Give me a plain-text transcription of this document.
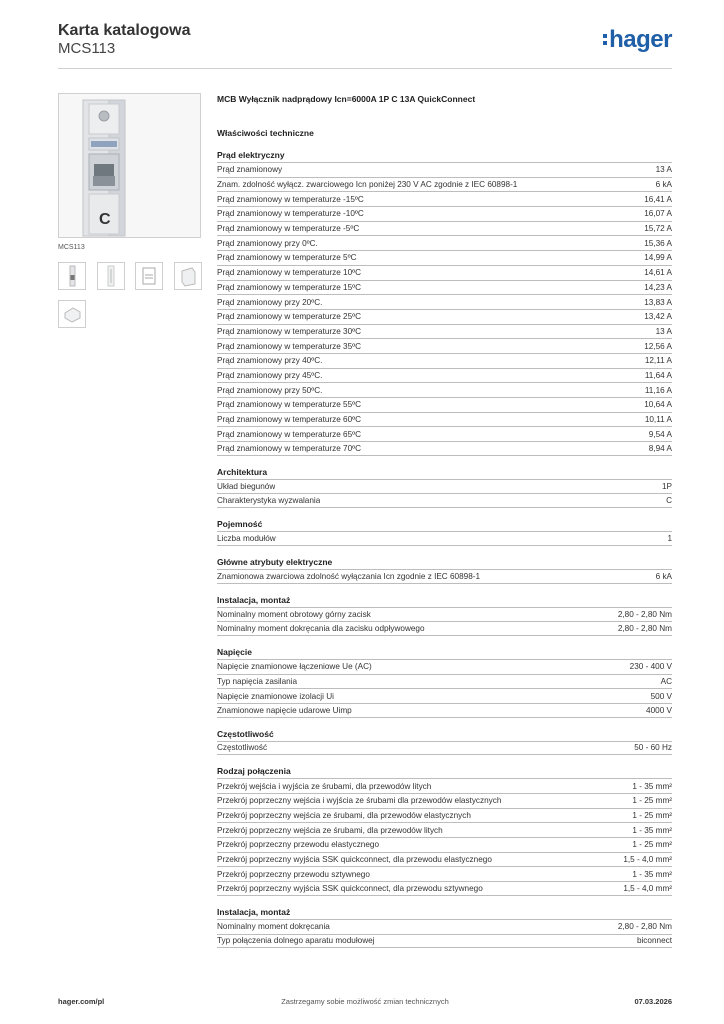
Karta katalogowa
MCS113	hager
C
MCS113
MCB Wyłącznik nadprądowy Icn=6000A 1P C 13A QuickConnect
Właściwości techniczne
Prąd elektryczny
Prąd znamionowy	13 A
Znam. zdolność wyłącz. zwarciowego Icn poniżej 230 V AC zgodnie z IEC 60898-1	6 kA
Prąd znamionowy w temperaturze -15ºC	16,41 A
Prąd znamionowy w temperaturze -10ºC	16,07 A
Prąd znamionowy w temperaturze -5ºC	15,72 A
Prąd znamionowy przy 0ºC.	15,36 A
Prąd znamionowy w temperaturze 5ºC	14,99 A
Prąd znamionowy w temperaturze 10ºC	14,61 A
Prąd znamionowy w temperaturze 15ºC	14,23 A
Prąd znamionowy przy 20ºC.	13,83 A
Prąd znamionowy w temperaturze 25ºC	13,42 A
Prąd znamionowy w temperaturze 30ºC	13 A
Prąd znamionowy w temperaturze 35ºC	12,56 A
Prąd znamionowy przy 40ºC.	12,11 A
Prąd znamionowy przy 45ºC.	11,64 A
Prąd znamionowy przy 50ºC.	11,16 A
Prąd znamionowy w temperaturze 55ºC	10,64 A
Prąd znamionowy w temperaturze 60ºC	10,11 A
Prąd znamionowy w temperaturze 65ºC	9,54 A
Prąd znamionowy w temperaturze 70ºC	8,94 A
Architektura
Układ biegunów	1P
Charakterystyka wyzwalania	C
Pojemność
Liczba modułów	1
Główne atrybuty elektryczne
Znamionowa zwarciowa zdolność wyłączania Icn zgodnie z IEC 60898-1	6 kA
Instalacja, montaż
Nominalny moment obrotowy górny zacisk	2,80 - 2,80 Nm
Nominalny moment dokręcania dla zacisku odpływowego	2,80 - 2,80 Nm
Napięcie
Napięcie znamionowe łączeniowe Ue (AC)	230 - 400 V
Typ napięcia zasilania	AC
Napięcie znamionowe izolacji Ui	500 V
Znamionowe napięcie udarowe Uimp	4000 V
Częstotliwość
Częstotliwość	50 - 60 Hz
Rodzaj połączenia
Przekrój wejścia i wyjścia ze śrubami, dla przewodów litych	1 - 35 mm²
Przekrój poprzeczny wejścia i wyjścia ze śrubami dla przewodów elastycznych	1 - 25 mm²
Przekrój poprzeczny wejścia ze śrubami, dla przewodów elastycznych	1 - 25 mm²
Przekrój poprzeczny wejścia ze śrubami, dla przewodów litych	1 - 35 mm²
Przekrój poprzeczny przewodu elastycznego	1 - 25 mm²
Przekrój poprzeczny wyjścia SSK quickconnect, dla przewodu elastycznego	1,5 - 4,0 mm²
Przekrój poprzeczny przewodu sztywnego	1 - 35 mm²
Przekrój poprzeczny wyjścia SSK quickconnect, dla przewodu sztywnego	1,5 - 4,0 mm²
Instalacja, montaż
Nominalny moment dokręcania	2,80 - 2,80 Nm
Typ połączenia dolnego aparatu modułowej	biconnect
hager.com/pl	Zastrzegamy sobie możliwość zmian technicznych	07.03.2026
